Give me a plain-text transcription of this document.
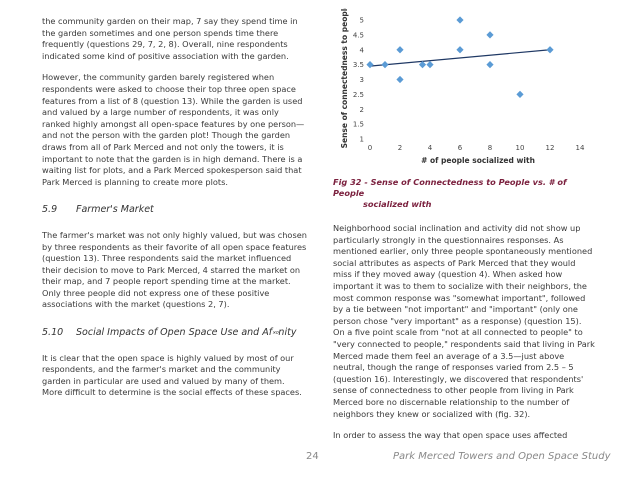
the community garden on their map, 7 say they spend time in the garden sometimes and one person spends time there frequently (questions 29, 7, 2, 8). Overall, nine respondents indicated some kind of positive association with the garden.

However, the community garden barely registered when respondents were asked to choose their top three open space features from a list of 8 (question 13). While the garden is used and valued by a large number of respondents, it was only ranked highly amongst all open-space features by one person—and not the person with the garden plot! Though the garden draws from all of Park Merced and not only the towers, it is important to note that the garden is in high demand. There is a waiting list for plots, and a Park Merced spokesperson said that Park Merced is planning to create more plots.

5.9 Farmer's Market

The farmer's market was not only highly valued, but was chosen by three respondents as their favorite of all open space features (question 13). Three respondents said the market influenced their decision to move to Park Merced, 4 starred the market on their map, and 7 people report spending time at the market. Only three people did not express one of these positive associations with the market (questions 2, 7).

5.10 Social Impacts of Open Space Use and Af࿎nity

It is clear that the open space is highly valued by most of our respondents, and the farmer's market and the community garden in particular are used and valued by many of them. More difficult to determine is the social effects of these spaces.

Sense of connectedness to people
# of people socialized with
1
1.5
2
2.5
3
3.5
4
4.5
5
0	2	4	6	8	10	12	14
Fig 32 - Sense of Connectedness to People vs. # of People
socialized with

Neighborhood social inclination and activity did not show up particularly strongly in the questionnaires responses. As mentioned earlier, only three people spontaneously mentioned social attributes as aspects of Park Merced that they would miss if they moved away (question 4). When asked how important it was to them to socialize with their neighbors, the most common response was "somewhat important", followed by a tie between "not important" and "important" (only one person chose "very important" as a response) (question 15). On a five point scale from "not at all connected to people" to "very connected to people," respondents said that living in Park Merced made them feel an average of a 3.5—just above neutral, though the range of responses varied from 2.5 – 5 (question 16). Interestingly, we discovered that respondents' sense of connectedness to other people from living in Park Merced bore no discernable relationship to the number of neighbors they knew or socialized with (fig. 32).

In order to assess the way that open space uses affected

24	Park Merced Towers and Open Space Study
